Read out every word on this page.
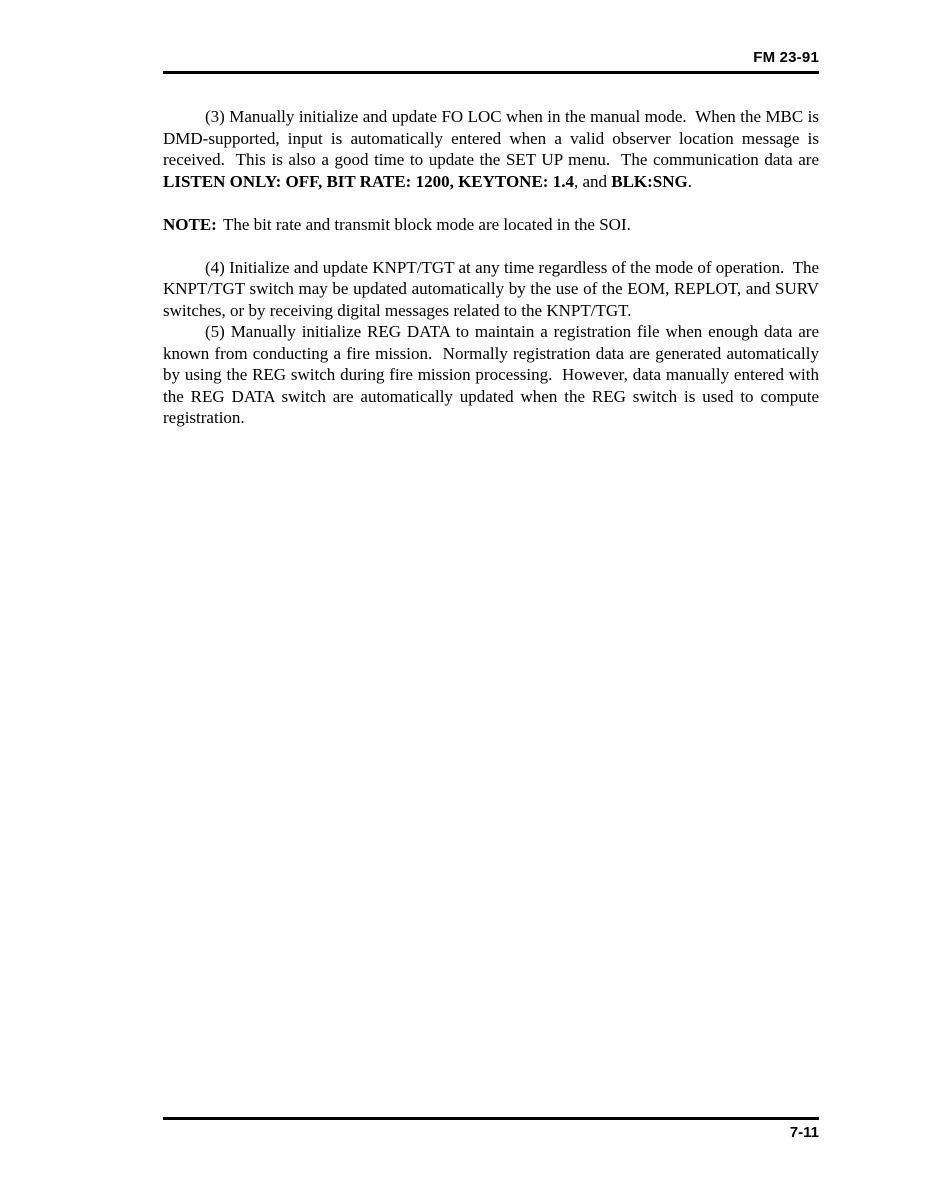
FM 23-91

(3) Manually initialize and update FO LOC when in the manual mode.  When the MBC is DMD-supported, input is automatically entered when a valid observer location message is received.  This is also a good time to update the SET UP menu.  The communication data are LISTEN ONLY: OFF, BIT RATE: 1200, KEYTONE: 1.4, and BLK:SNG.

NOTE: The bit rate and transmit block mode are located in the SOI.

(4) Initialize and update KNPT/TGT at any time regardless of the mode of operation.  The KNPT/TGT switch may be updated automatically by the use of the EOM, REPLOT, and SURV switches, or by receiving digital messages related to the KNPT/TGT.

(5) Manually initialize REG DATA to maintain a registration file when enough data are known from conducting a fire mission.  Normally registration data are generated automatically by using the REG switch during fire mission processing.  However, data manually entered with the REG DATA switch are automatically updated when the REG switch is used to compute registration.

7-11
